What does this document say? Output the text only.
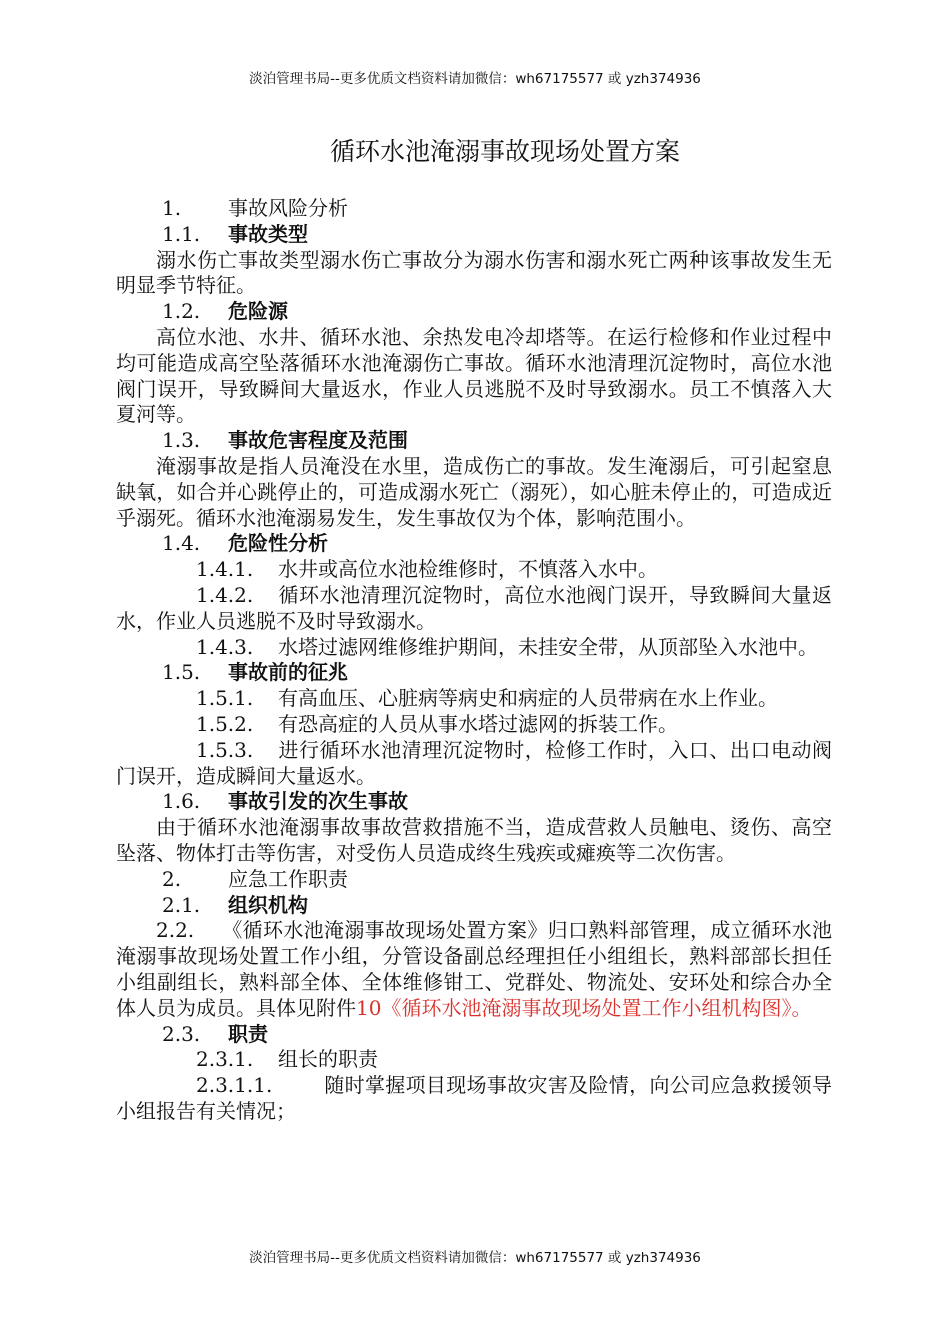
淡泊管理书局--更多优质文档资料请加微信：wh67175577 或 yzh374936
循环水池淹溺事故现场处置方案
1. 事故风险分析
1.1. 事故类型
溺水伤亡事故类型溺水伤亡事故分为溺水伤害和溺水死亡两种该事故发生无明显季节特征。
1.2. 危险源
高位水池、水井、循环水池、余热发电冷却塔等。在运行检修和作业过程中均可能造成高空坠落循环水池淹溺伤亡事故。循环水池清理沉淀物时，高位水池阀门误开，导致瞬间大量返水，作业人员逃脱不及时导致溺水。员工不慎落入大夏河等。
1.3. 事故危害程度及范围
淹溺事故是指人员淹没在水里，造成伤亡的事故。发生淹溺后，可引起窒息缺氧，如合并心跳停止的，可造成溺水死亡（溺死），如心脏未停止的，可造成近乎溺死。循环水池淹溺易发生，发生事故仅为个体，影响范围小。
1.4. 危险性分析
1.4.1. 水井或高位水池检维修时，不慎落入水中。
1.4.2. 循环水池清理沉淀物时，高位水池阀门误开，导致瞬间大量返水，作业人员逃脱不及时导致溺水。
1.4.3. 水塔过滤网维修维护期间，未挂安全带，从顶部坠入水池中。
1.5. 事故前的征兆
1.5.1. 有高血压、心脏病等病史和病症的人员带病在水上作业。
1.5.2. 有恐高症的人员从事水塔过滤网的拆装工作。
1.5.3. 进行循环水池清理沉淀物时，检修工作时，入口、出口电动阀门误开，造成瞬间大量返水。
1.6. 事故引发的次生事故
由于循环水池淹溺事故事故营救措施不当，造成营救人员触电、烫伤、高空坠落、物体打击等伤害，对受伤人员造成终生残疾或瘫痪等二次伤害。
2. 应急工作职责
2.1. 组织机构
2.2. 《循环水池淹溺事故现场处置方案》归口熟料部管理，成立循环水池淹溺事故现场处置工作小组，分管设备副总经理担任小组组长，熟料部部长担任小组副组长，熟料部全体、全体维修钳工、党群处、物流处、安环处和综合办全体人员为成员。具体见附件10《循环水池淹溺事故现场处置工作小组机构图》。
2.3. 职责
2.3.1. 组长的职责
2.3.1.1.	随时掌握项目现场事故灾害及险情，向公司应急救援领导小组报告有关情况；
淡泊管理书局--更多优质文档资料请加微信：wh67175577 或 yzh374936
